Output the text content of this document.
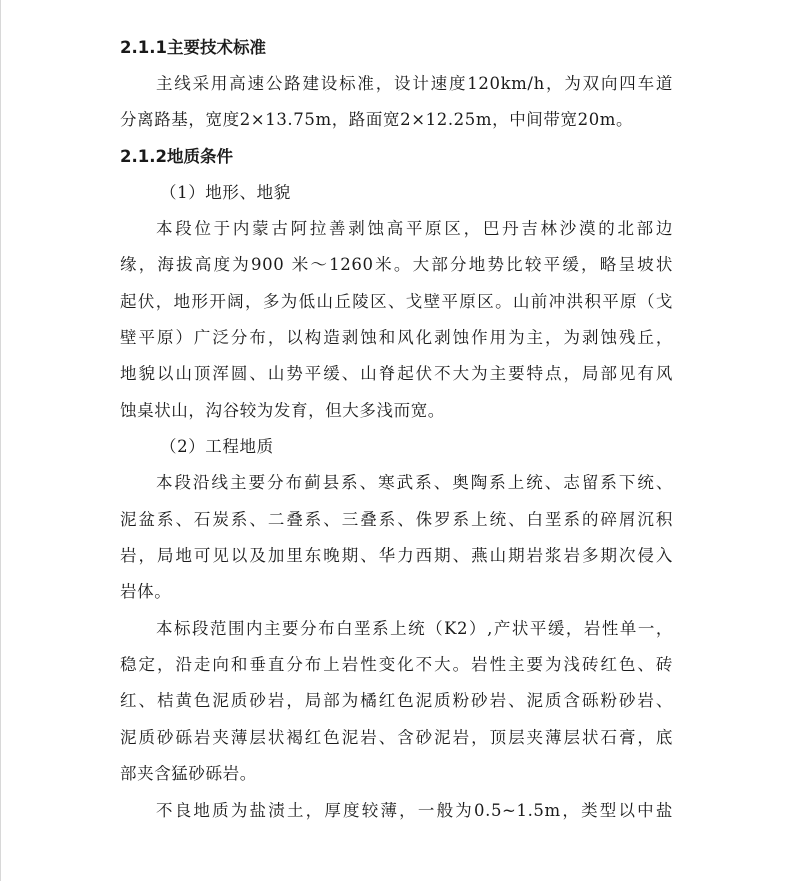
2.1.1主要技术标准
主线采用高速公路建设标准，设计速度120km/h，为双向四车道
分离路基，宽度2×13.75m，路面宽2×12.25m，中间带宽20m。
2.1.2地质条件
（1）地形、地貌
本段位于内蒙古阿拉善剥蚀高平原区，巴丹吉林沙漠的北部边
缘，海拔高度为900 米～1260米。大部分地势比较平缓，略呈坡状
起伏，地形开阔，多为低山丘陵区、戈壁平原区。山前冲洪积平原（戈
壁平原）广泛分布，以构造剥蚀和风化剥蚀作用为主，为剥蚀残丘，
地貌以山顶浑圆、山势平缓、山脊起伏不大为主要特点，局部见有风
蚀桌状山，沟谷较为发育，但大多浅而宽。
（2）工程地质
本段沿线主要分布蓟县系、寒武系、奥陶系上统、志留系下统、
泥盆系、石炭系、二叠系、三叠系、侏罗系上统、白垩系的碎屑沉积
岩，局地可见以及加里东晚期、华力西期、燕山期岩浆岩多期次侵入
岩体。
本标段范围内主要分布白垩系上统（K2）,产状平缓，岩性单一，
稳定，沿走向和垂直分布上岩性变化不大。岩性主要为浅砖红色、砖
红、桔黄色泥质砂岩，局部为橘红色泥质粉砂岩、泥质含砾粉砂岩、
泥质砂砾岩夹薄层状褐红色泥岩、含砂泥岩，顶层夹薄层状石膏，底
部夹含猛砂砾岩。
不良地质为盐渍土，厚度较薄，一般为0.5~1.5m，类型以中盐
